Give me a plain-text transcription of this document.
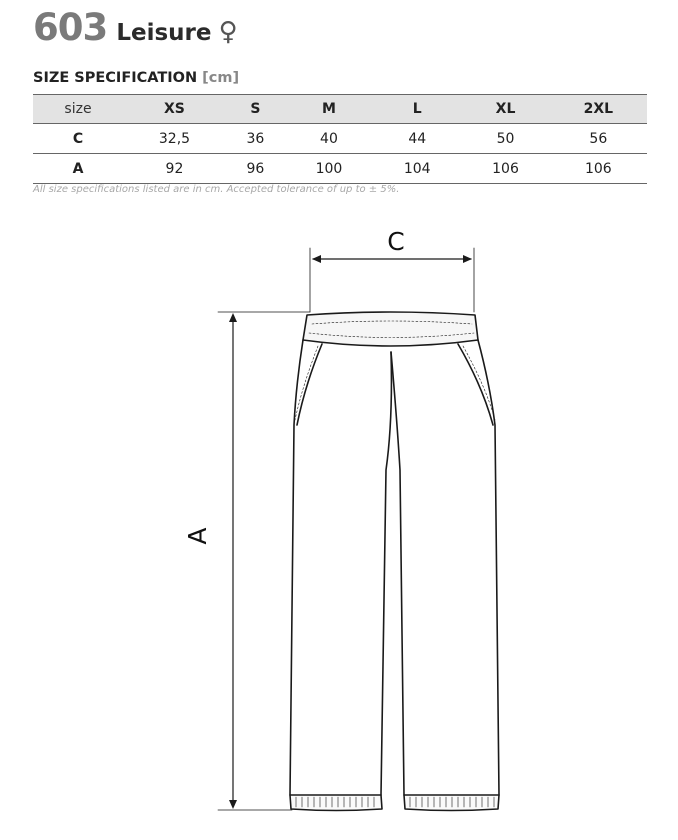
603 Leisure ♀
SIZE SPECIFICATION [cm]
size	XS	S	M	L	XL	2XL
C	32,5	36	40	44	50	56
A	92	96	100	104	106	106
All size specifications listed are in cm. Accepted tolerance of up to ± 5%.
C
A
